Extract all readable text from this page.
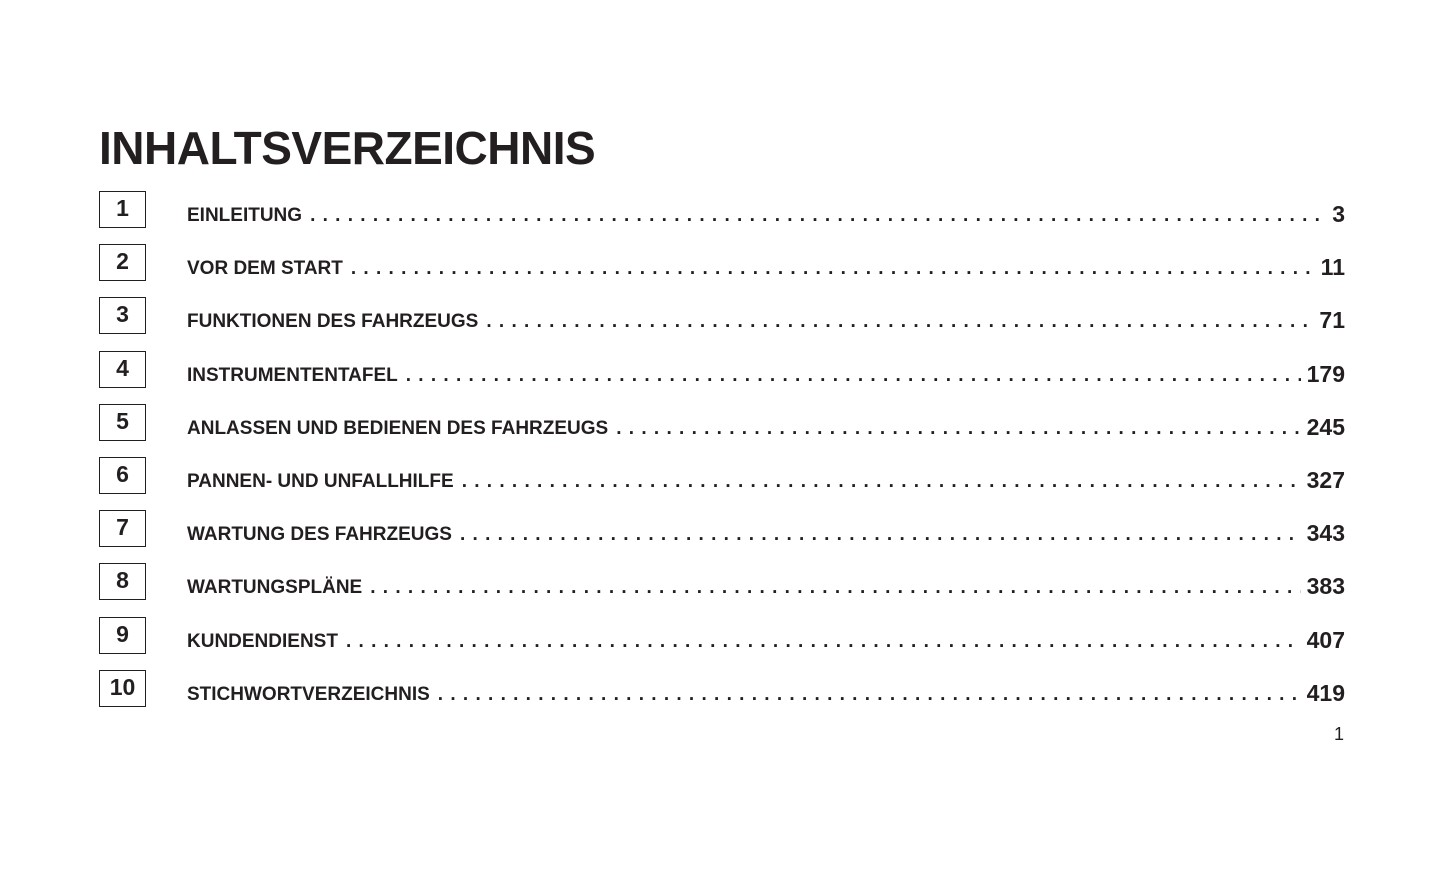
INHALTSVERZEICHNIS
1	EINLEITUNG . . .	3
2	VOR DEM START . . .	11
3	FUNKTIONEN DES FAHRZEUGS . . .	71
4	INSTRUMENTENTAFEL . . .	179
5	ANLASSEN UND BEDIENEN DES FAHRZEUGS . . .	245
6	PANNEN- UND UNFALLHILFE . . .	327
7	WARTUNG DES FAHRZEUGS . . .	343
8	WARTUNGSPLÄNE . . .	383
9	KUNDENDIENST . . .	407
10	STICHWORTVERZEICHNIS . . .	419
1
